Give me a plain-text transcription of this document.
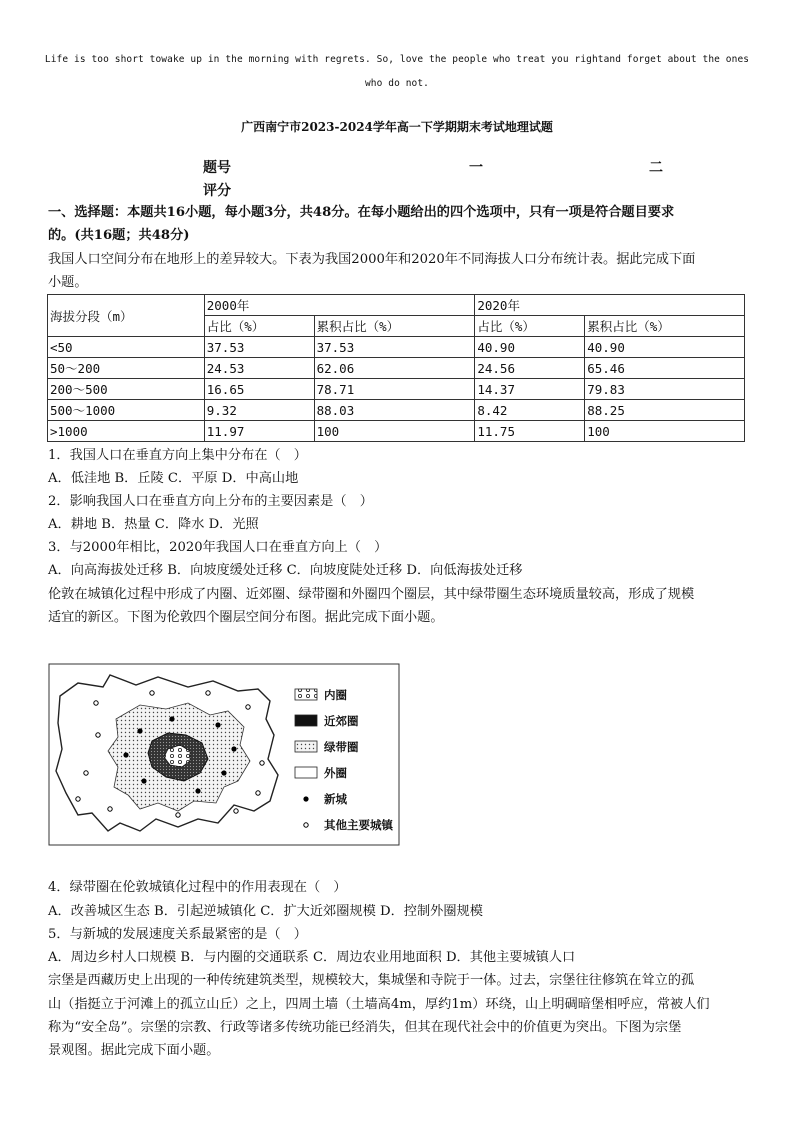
Life is too short towake up in the morning with regrets. So, love the people who treat you rightand forget about the ones
who do not.
广西南宁市2023-2024学年高一下学期期末考试地理试题
题号	一	二
评分
一、选择题：本题共16小题，每小题3分，共48分。在每小题给出的四个选项中，只有一项是符合题目要求
的。(共16题；共48分)
我国人口空间分布在地形上的差异较大。下表为我国2000年和2020年不同海拔人口分布统计表。据此完成下面
小题。
海拔分段（m）	2000年		2020年	
	占比（%）	累积占比（%）	占比（%）	累积占比（%）
<50	37.53	37.53	40.90	40.90
50～200	24.53	62.06	24.56	65.46
200～500	16.65	78.71	14.37	79.83
500～1000	9.32	88.03	8.42	88.25
>1000	11.97	100	11.75	100
1．我国人口在垂直方向上集中分布在（　）
A．低洼地 B．丘陵 C．平原 D．中高山地
2．影响我国人口在垂直方向上分布的主要因素是（　）
A．耕地 B．热量 C．降水 D．光照
3．与2000年相比，2020年我国人口在垂直方向上（　）
A．向高海拔处迁移 B．向坡度缓处迁移 C．向坡度陡处迁移 D．向低海拔处迁移
伦敦在城镇化过程中形成了内圈、近郊圈、绿带圈和外圈四个圈层，其中绿带圈生态环境质量较高，形成了规模
适宜的新区。下图为伦敦四个圈层空间分布图。据此完成下面小题。
内圈
近郊圈
绿带圈
外圈
新城
其他主要城镇
4．绿带圈在伦敦城镇化过程中的作用表现在（　）
A．改善城区生态 B．引起逆城镇化 C．扩大近郊圈规模 D．控制外圈规模
5．与新城的发展速度关系最紧密的是（　）
A．周边乡村人口规模 B．与内圈的交通联系 C．周边农业用地面积 D．其他主要城镇人口
宗堡是西藏历史上出现的一种传统建筑类型，规模较大，集城堡和寺院于一体。过去，宗堡往往修筑在耸立的孤
山（指挺立于河滩上的孤立山丘）之上，四周土墙（土墙高4m，厚约1m）环绕，山上明碉暗堡相呼应，常被人们
称为“安全岛”。宗堡的宗教、行政等诸多传统功能已经消失，但其在现代社会中的价值更为突出。下图为宗堡
景观图。据此完成下面小题。
